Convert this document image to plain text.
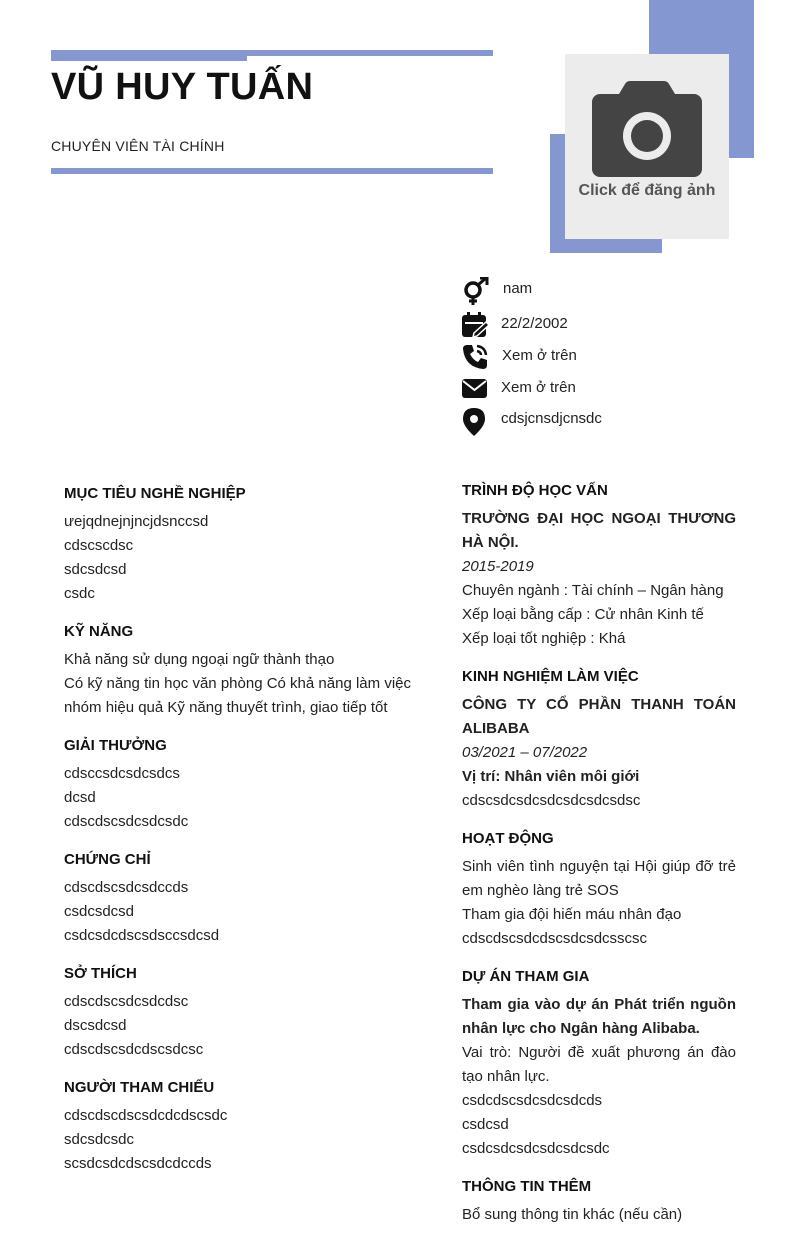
VŨ HUY TUẤN
CHUYÊN VIÊN TÀI CHÍNH
Click để đăng ảnh
nam
22/2/2002
Xem ở trên
Xem ở trên
cdsjcnsdjcnsdc
MỤC TIÊU NGHỀ NGHIỆP
ưejqdnejnjncjdsnccsd
cdscscdsc
sdcsdcsd
csdc
KỸ NĂNG
Khả năng sử dụng ngoại ngữ thành thạo
Có kỹ năng tin học văn phòng Có khả năng làm việc nhóm hiệu quả Kỹ năng thuyết trình, giao tiếp tốt
GIẢI THƯỞNG
cdsccsdcsdcsdcs
dcsd
cdscdscsdcsdcsdc
CHỨNG CHỈ
cdscdscsdcsdccds
csdcsdcsd
csdcsdcdscsdsccsdcsd
SỞ THÍCH
cdscdscsdcsdcdsc
dscsdcsd
cdscdscsdcdscsdcsc
NGƯỜI THAM CHIẾU
cdscdscdscsdcdcdscsdc
sdcsdcsdc
scsdcsdcdscsdcdccds
TRÌNH ĐỘ HỌC VẤN
TRƯỜNG ĐẠI HỌC NGOẠI THƯƠNG HÀ NỘI.
2015-2019
Chuyên ngành : Tài chính – Ngân hàng
Xếp loại bằng cấp : Cử nhân Kinh tế
Xếp loại tốt nghiệp : Khá
KINH NGHIỆM LÀM VIỆC
CÔNG TY CỔ PHẦN THANH TOÁN ALIBABA
03/2021 – 07/2022
Vị trí: Nhân viên môi giới
cdscsdcsdcsdcsdcsdcsdsc
HOẠT ĐỘNG
Sinh viên tình nguyện tại Hội giúp đỡ trẻ em nghèo làng trẻ SOS
Tham gia đội hiến máu nhân đạo
cdscdscsdcdscsdcsdcsscsc
DỰ ÁN THAM GIA
Tham gia vào dự án Phát triển nguồn nhân lực cho Ngân hàng Alibaba.
Vai trò: Người đề xuất phương án đào tạo nhân lực.
csdcdscsdcsdcsdcds
csdcsd
csdcsdcsdcsdcsdcsdc
THÔNG TIN THÊM
Bổ sung thông tin khác (nếu cần)
